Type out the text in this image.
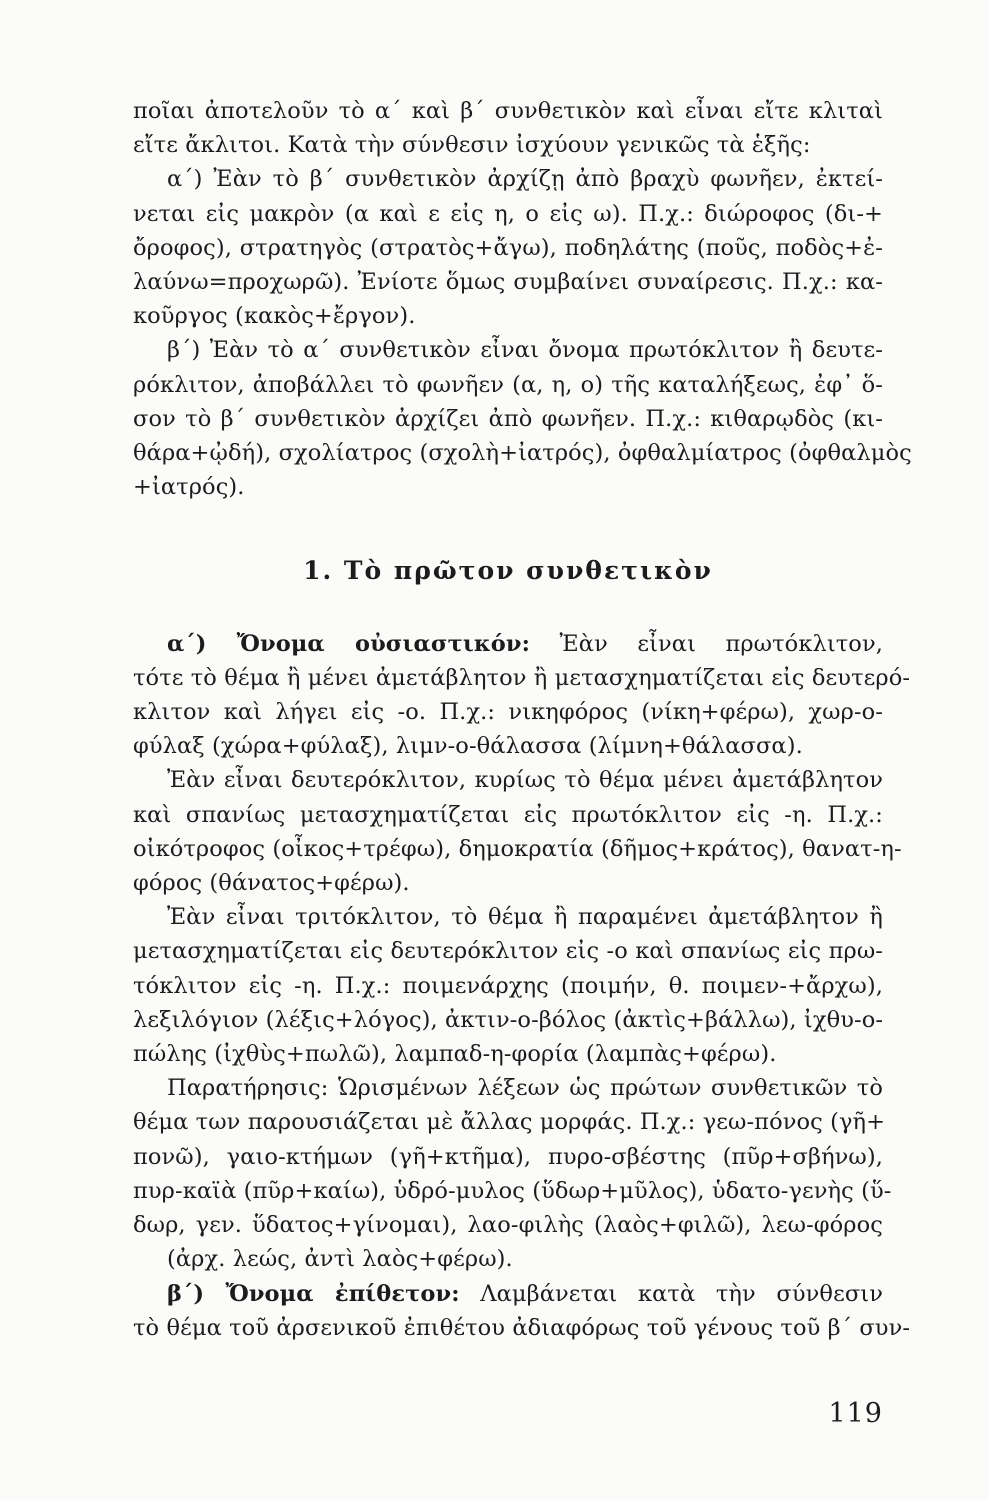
ποῖαι ἀποτελοῦν τὸ α΄ καὶ β΄ συνθετικὸν καὶ εἶναι εἴτε κλιταὶ
εἴτε ἄκλιτοι. Κατὰ τὴν σύνθεσιν ἰσχύουν γενικῶς τὰ ἑξῆς:
α΄) Ἐὰν τὸ β΄ συνθετικὸν ἀρχίζῃ ἀπὸ βραχὺ φωνῆεν, ἐκτεί-
νεται εἰς μακρὸν (α καὶ ε εἰς η, ο εἰς ω). Π.χ.: διώροφος (δι-+
ὄροφος), στρατηγὸς (στρατὸς+ἄγω), ποδηλάτης (ποῦς, ποδὸς+ἐ-
λαύνω=προχωρῶ). Ἐνίοτε ὅμως συμβαίνει συναίρεσις. Π.χ.: κα-
κοῦργος (κακὸς+ἔργον).
β΄) Ἐὰν τὸ α΄ συνθετικὸν εἶναι ὄνομα πρωτόκλιτον ἢ δευτε-
ρόκλιτον, ἀποβάλλει τὸ φωνῆεν (α, η, ο) τῆς καταλήξεως, ἐφ᾽ ὅ-
σον τὸ β΄ συνθετικὸν ἀρχίζει ἀπὸ φωνῆεν. Π.χ.: κιθαρῳδὸς (κι-
θάρα+ᾠδή), σχολίατρος (σχολὴ+ἰατρός), ὀφθαλμίατρος (ὀφθαλμὸς
+ἰατρός).
1. Τὸ πρῶτον συνθετικὸν
α΄) Ὄνομα οὐσιαστικόν: Ἐὰν εἶναι πρωτόκλιτον,
τότε τὸ θέμα ἢ μένει ἀμετάβλητον ἢ μετασχηματίζεται εἰς δευτερό-
κλιτον καὶ λήγει εἰς -ο. Π.χ.: νικηφόρος (νίκη+φέρω), χωρ-ο-
φύλαξ (χώρα+φύλαξ), λιμν-ο-θάλασσα (λίμνη+θάλασσα).
Ἐὰν εἶναι δευτερόκλιτον, κυρίως τὸ θέμα μένει ἀμετάβλητον
καὶ σπανίως μετασχηματίζεται εἰς πρωτόκλιτον εἰς -η. Π.χ.:
οἰκότροφος (οἶκος+τρέφω), δημοκρατία (δῆμος+κράτος), θανατ-η-
φόρος (θάνατος+φέρω).
Ἐὰν εἶναι τριτόκλιτον, τὸ θέμα ἢ παραμένει ἀμετάβλητον ἢ
μετασχηματίζεται εἰς δευτερόκλιτον εἰς -ο καὶ σπανίως εἰς πρω-
τόκλιτον εἰς -η. Π.χ.: ποιμενάρχης (ποιμήν, θ. ποιμεν-+ἄρχω),
λεξιλόγιον (λέξις+λόγος), ἀκτιν-ο-βόλος (ἀκτὶς+βάλλω), ἰχθυ-ο-
πώλης (ἰχθὺς+πωλῶ), λαμπαδ-η-φορία (λαμπὰς+φέρω).
Παρατήρησις: Ὡρισμένων λέξεων ὡς πρώτων συνθετικῶν τὸ
θέμα των παρουσιάζεται μὲ ἄλλας μορφάς. Π.χ.: γεω-πόνος (γῆ+
πονῶ), γαιο-κτήμων (γῆ+κτῆμα), πυρο-σβέστης (πῦρ+σβήνω),
πυρ-καϊὰ (πῦρ+καίω), ὑδρό-μυλος (ὕδωρ+μῦλος), ὑδατο-γενὴς (ὕ-
δωρ, γεν. ὕδατος+γίνομαι), λαο-φιλὴς (λαὸς+φιλῶ), λεω-φόρος
(ἀρχ. λεώς, ἀντὶ λαὸς+φέρω).
β΄) Ὄνομα ἐπίθετον: Λαμβάνεται κατὰ τὴν σύνθεσιν
τὸ θέμα τοῦ ἀρσενικοῦ ἐπιθέτου ἀδιαφόρως τοῦ γένους τοῦ β΄ συν-
119
